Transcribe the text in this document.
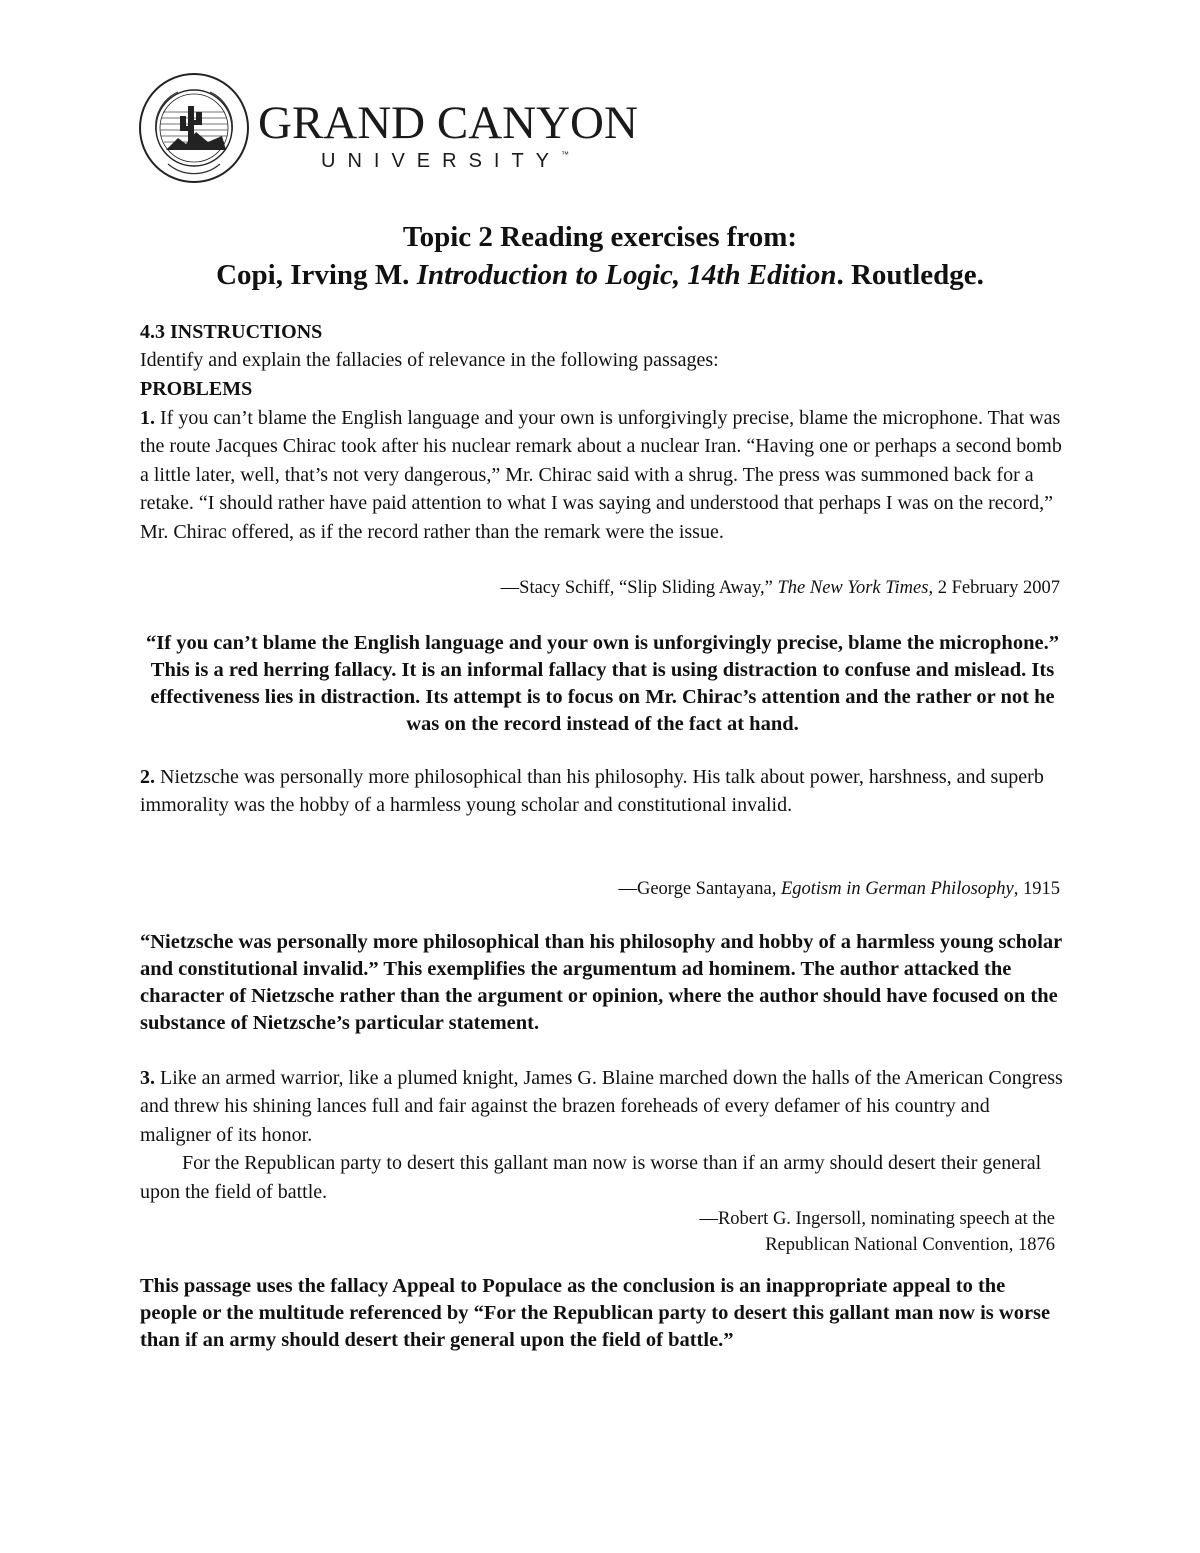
GRAND CANYON
UNIVERSITY™
Topic 2 Reading exercises from:
Copi, Irving M. Introduction to Logic, 14th Edition. Routledge.
4.3 INSTRUCTIONS
Identify and explain the fallacies of relevance in the following passages:
PROBLEMS

1. If you can’t blame the English language and your own is unforgivingly precise, blame the microphone. That was the route Jacques Chirac took after his nuclear remark about a nuclear Iran. “Having one or perhaps a second bomb a little later, well, that’s not very dangerous,” Mr. Chirac said with a shrug. The press was summoned back for a retake. “I should rather have paid attention to what I was saying and understood that perhaps I was on the record,” Mr. Chirac offered, as if the record rather than the remark were the issue.

—Stacy Schiff, “Slip Sliding Away,” The New York Times, 2 February 2007
“If you can’t blame the English language and your own is unforgivingly precise, blame the microphone.” This is a red herring fallacy. It is an informal fallacy that is using distraction to confuse and mislead. Its effectiveness lies in distraction. Its attempt is to focus on Mr. Chirac’s attention and the rather or not he was on the record instead of the fact at hand.

2. Nietzsche was personally more philosophical than his philosophy. His talk about power, harshness, and superb immorality was the hobby of a harmless young scholar and constitutional invalid.

—George Santayana, Egotism in German Philosophy, 1915
“Nietzsche was personally more philosophical than his philosophy and hobby of a harmless young scholar and constitutional invalid.” This exemplifies the argumentum ad hominem. The author attacked the character of Nietzsche rather than the argument or opinion, where the author should have focused on the substance of Nietzsche’s particular statement.

3. Like an armed warrior, like a plumed knight, James G. Blaine marched down the halls of the American Congress and threw his shining lances full and fair against the brazen foreheads of every defamer of his country and maligner of its honor.

For the Republican party to desert this gallant man now is worse than if an army should desert their general upon the field of battle.

—Robert G. Ingersoll, nominating speech at the
Republican National Convention, 1876
This passage uses the fallacy Appeal to Populace as the conclusion is an inappropriate appeal to the people or the multitude referenced by “For the Republican party to desert this gallant man now is worse than if an army should desert their general upon the field of battle.”
